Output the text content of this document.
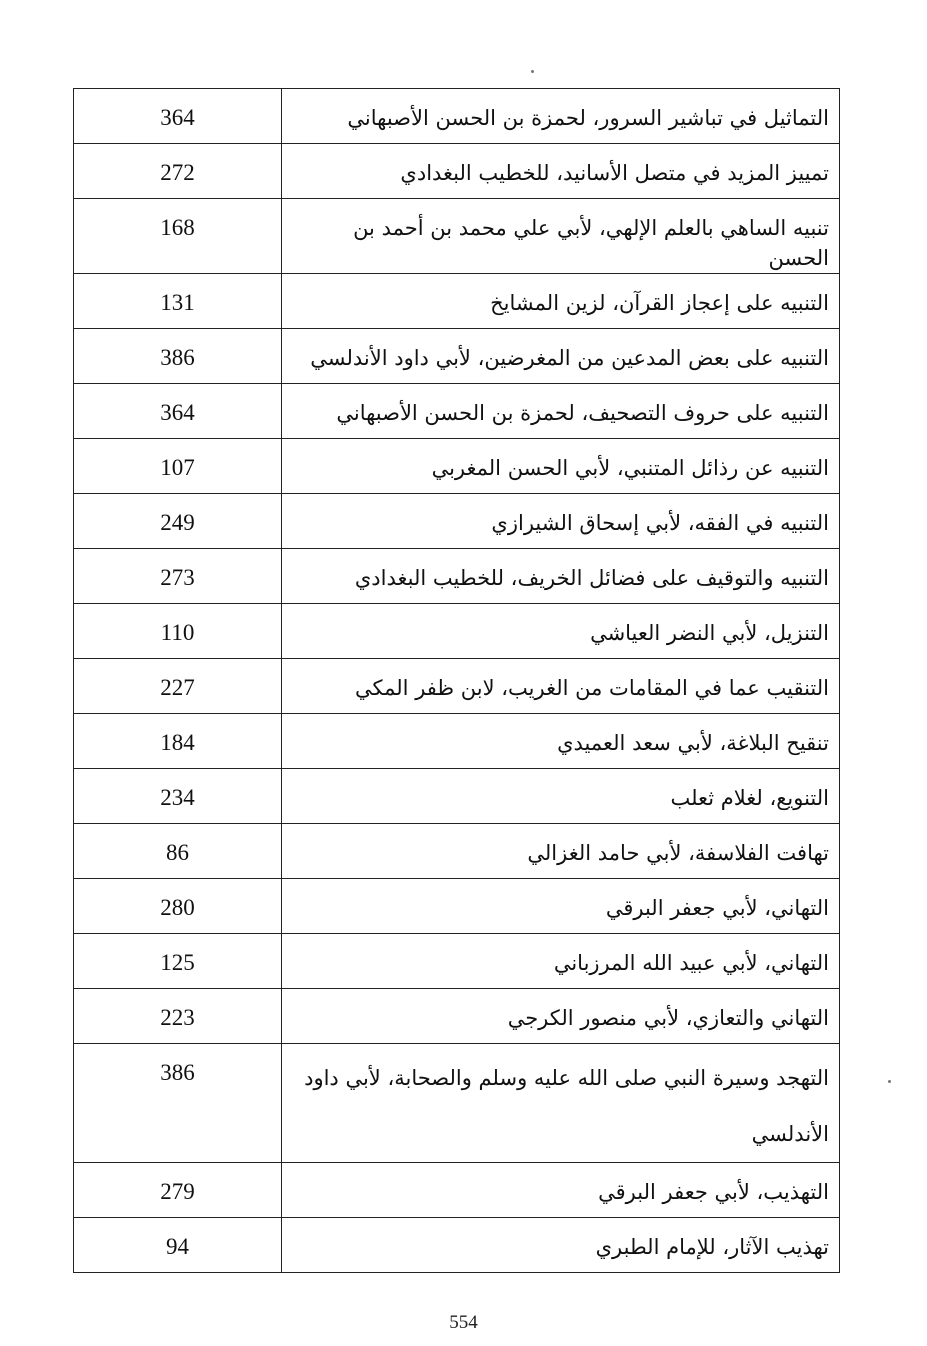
التماثيل في تباشير السرور، لحمزة بن الحسن الأصبهاني	364
تمييز المزيد في متصل الأسانيد، للخطيب البغدادي	272
تنبيه الساهي بالعلم الإلهي، لأبي علي محمد بن أحمد بن الحسن	168
التنبيه على إعجاز القرآن، لزين المشايخ	131
التنبيه على بعض المدعين من المغرضين، لأبي داود الأندلسي	386
التنبيه على حروف التصحيف، لحمزة بن الحسن الأصبهاني	364
التنبيه عن رذائل المتنبي، لأبي الحسن المغربي	107
التنبيه في الفقه، لأبي إسحاق الشيرازي	249
التنبيه والتوقيف على فضائل الخريف، للخطيب البغدادي	273
التنزيل، لأبي النضر العياشي	110
التنقيب عما في المقامات من الغريب، لابن ظفر المكي	227
تنقيح البلاغة، لأبي سعد العميدي	184
التنويع، لغلام ثعلب	234
تهافت الفلاسفة، لأبي حامد الغزالي	86
التهاني، لأبي جعفر البرقي	280
التهاني، لأبي عبيد الله المرزباني	125
التهاني والتعازي، لأبي منصور الكرجي	223
التهجد وسيرة النبي صلى الله عليه وسلم والصحابة، لأبي داود الأندلسي	386
التهذيب، لأبي جعفر البرقي	279
تهذيب الآثار، للإمام الطبري	94
554
